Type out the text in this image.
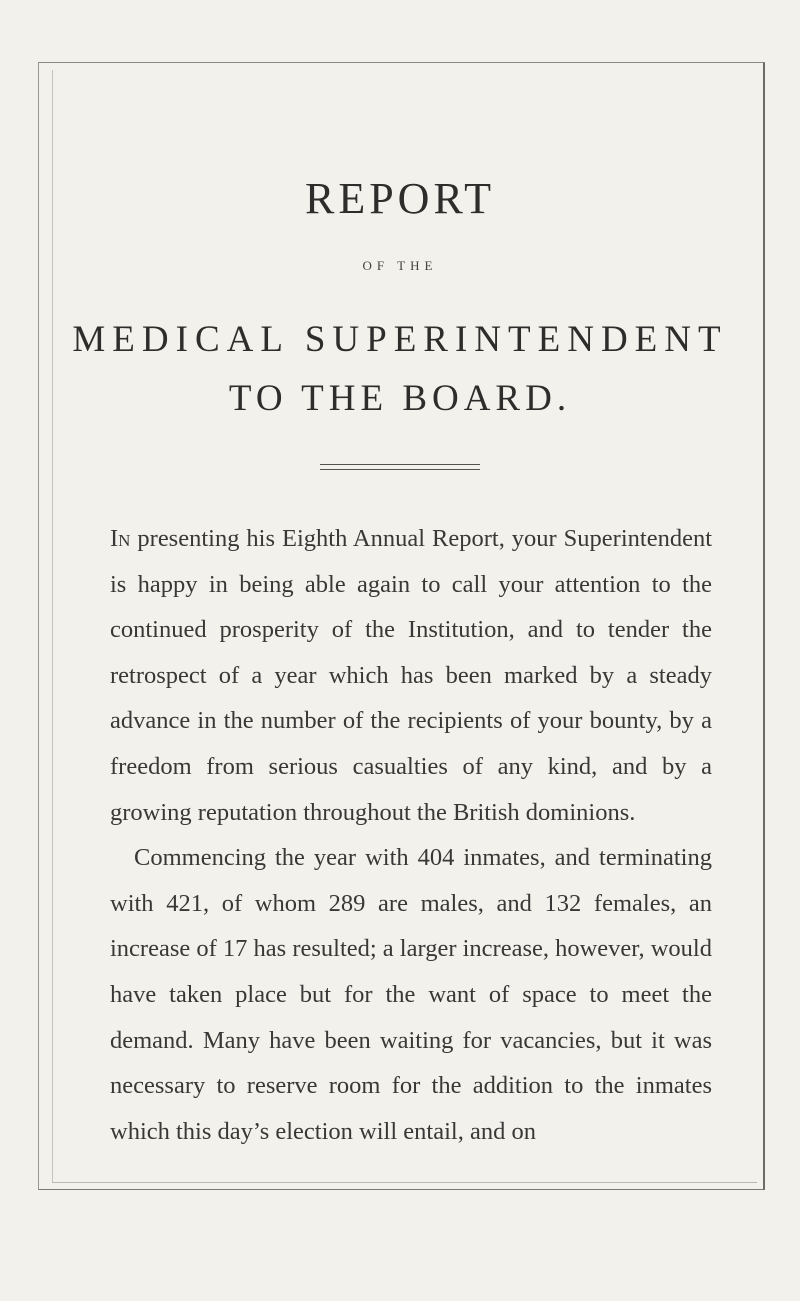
REPORT
OF THE
MEDICAL SUPERINTENDENT
TO THE BOARD.

In presenting his Eighth Annual Report, your Superintendent is happy in being able again to call your attention to the continued prosperity of the Institution, and to tender the retrospect of a year which has been marked by a steady advance in the number of the recipients of your bounty, by a freedom from serious casualties of any kind, and by a growing reputation throughout the British dominions.

Commencing the year with 404 inmates, and terminating with 421, of whom 289 are males, and 132 females, an increase of 17 has resulted; a larger increase, however, would have taken place but for the want of space to meet the demand. Many have been waiting for vacancies, but it was necessary to reserve room for the addition to the inmates which this day’s election will entail, and on
